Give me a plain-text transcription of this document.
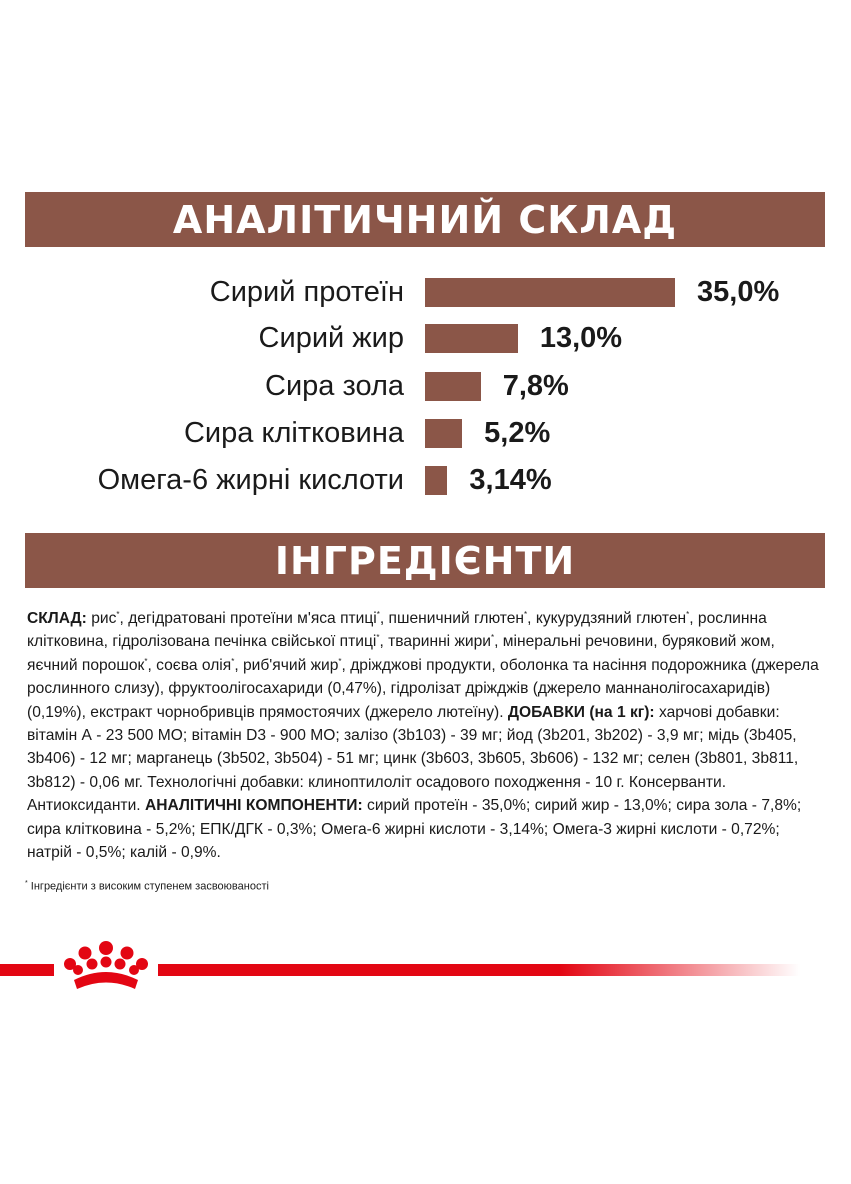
АНАЛІТИЧНИЙ СКЛАД
Сирий протеїн	35,0%
Сирий жир	13,0%
Сира зола	7,8%
Сира клітковина	5,2%
Омега-6 жирні кислоти 3,14%
ІНГРЕДІЄНТИ

СКЛАД: рис*, дегідратовані протеїни м'яса птиці*, пшеничний глютен*, кукурудзяний глютен*, рослинна клітковина, гідролізована печінка свійської птиці*, тваринні жири*, мінеральні речовини, буряковий жом, яєчний порошок*, соєва олія*, риб'ячий жир*, дріжджові продукти, оболонка та насіння подорожника (джерела рослинного слизу), фруктоолігосахариди (0,47%), гідролізат дріжджів (джерело маннанолігосахаридів) (0,19%), екстракт чорнобривців прямостоячих (джерело лютеїну). ДОБАВКИ (на 1 кг): харчові добавки: вітамін А - 23 500 МО; вітамін D3 - 900 МО; залізо (3b103) - 39 мг; йод (3b201, 3b202) - 3,9 мг; мідь (3b405, 3b406) - 12 мг; марганець (3b502, 3b504) - 51 мг; цинк (3b603, 3b605, 3b606) - 132 мг; селен (3b801, 3b811, 3b812) - 0,06 мг. Технологічні добавки: клиноптилоліт осадового походження - 10 г. Консерванти. Антиоксиданти. АНАЛІТИЧНІ КОМПОНЕНТИ: сирий протеїн - 35,0%; сирий жир - 13,0%; сира зола - 7,8%; сира клітковина - 5,2%; ЕПК/ДГК - 0,3%; Омега-6 жирні кислоти - 3,14%; Омега-3 жирні кислоти - 0,72%; натрій - 0,5%; калій - 0,9%.

* Інгредієнти з високим ступенем засвоюваності
